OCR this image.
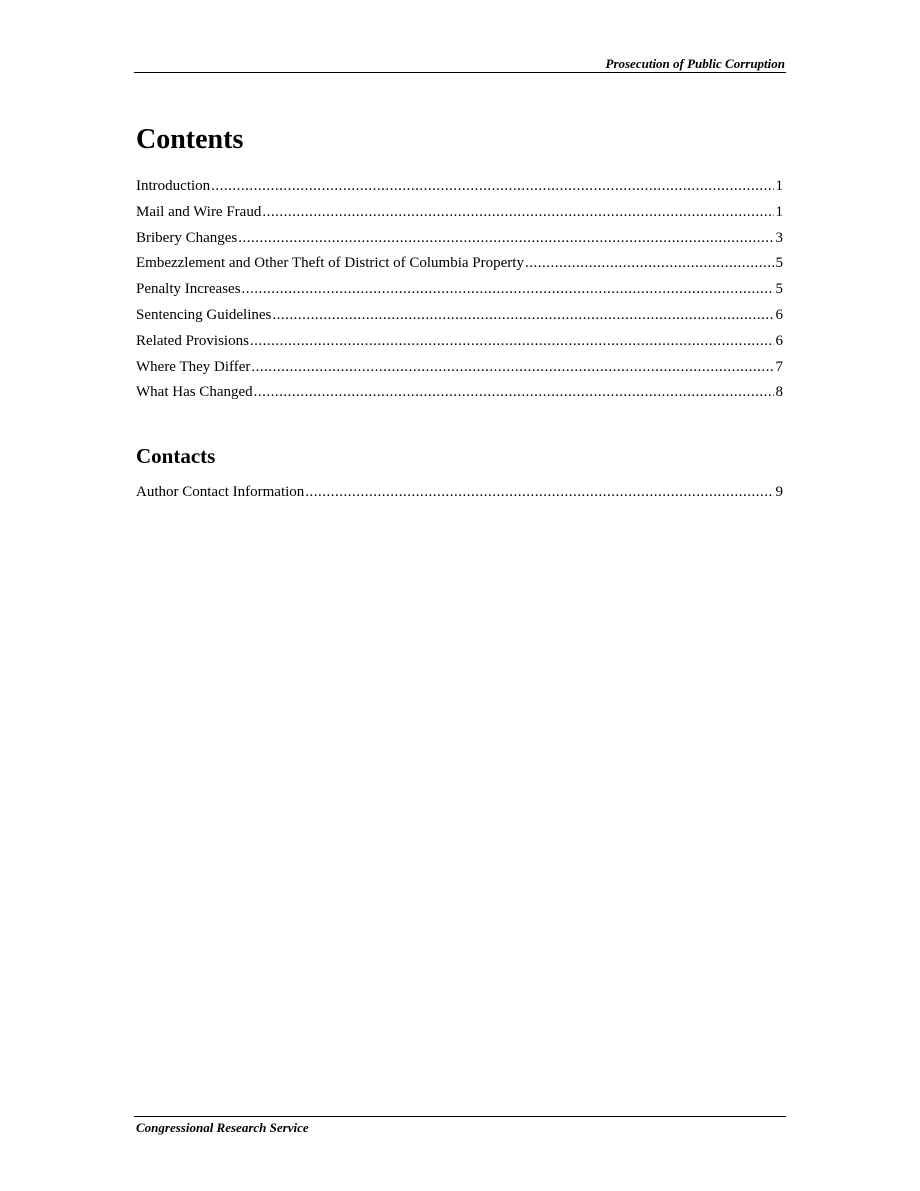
Prosecution of Public Corruption
Contents
Introduction .....	1
Mail and Wire Fraud .....	1
Bribery Changes .....	3
Embezzlement and Other Theft of District of Columbia Property .....	5
Penalty Increases .....	5
Sentencing Guidelines .....	6
Related Provisions .....	6
Where They Differ .....	7
What Has Changed .....	8
Contacts
Author Contact Information .....	9
Congressional Research Service
